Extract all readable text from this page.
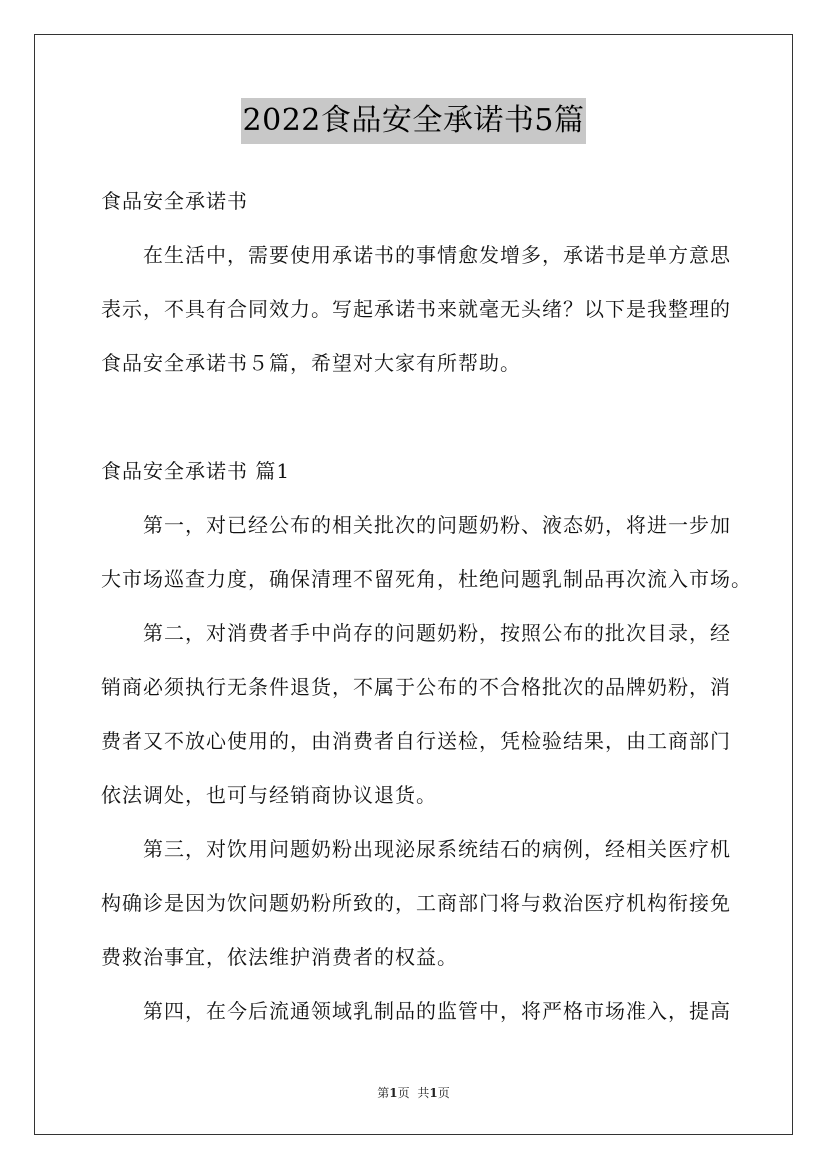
2022食品安全承诺书5篇
食品安全承诺书
在生活中，需要使用承诺书的事情愈发增多，承诺书是单方意思
表示，不具有合同效力。写起承诺书来就毫无头绪？以下是我整理的
食品安全承诺书５篇，希望对大家有所帮助。
食品安全承诺书 篇1
第一，对已经公布的相关批次的问题奶粉、液态奶，将进一步加
大市场巡查力度，确保清理不留死角，杜绝问题乳制品再次流入市场。
第二，对消费者手中尚存的问题奶粉，按照公布的批次目录，经
销商必须执行无条件退货，不属于公布的不合格批次的品牌奶粉，消
费者又不放心使用的，由消费者自行送检，凭检验结果，由工商部门
依法调处，也可与经销商协议退货。
第三，对饮用问题奶粉出现泌尿系统结石的病例，经相关医疗机
构确诊是因为饮问题奶粉所致的，工商部门将与救治医疗机构衔接免
费救治事宜，依法维护消费者的权益。
第四，在今后流通领域乳制品的监管中，将严格市场准入，提高
第1页 共1页
